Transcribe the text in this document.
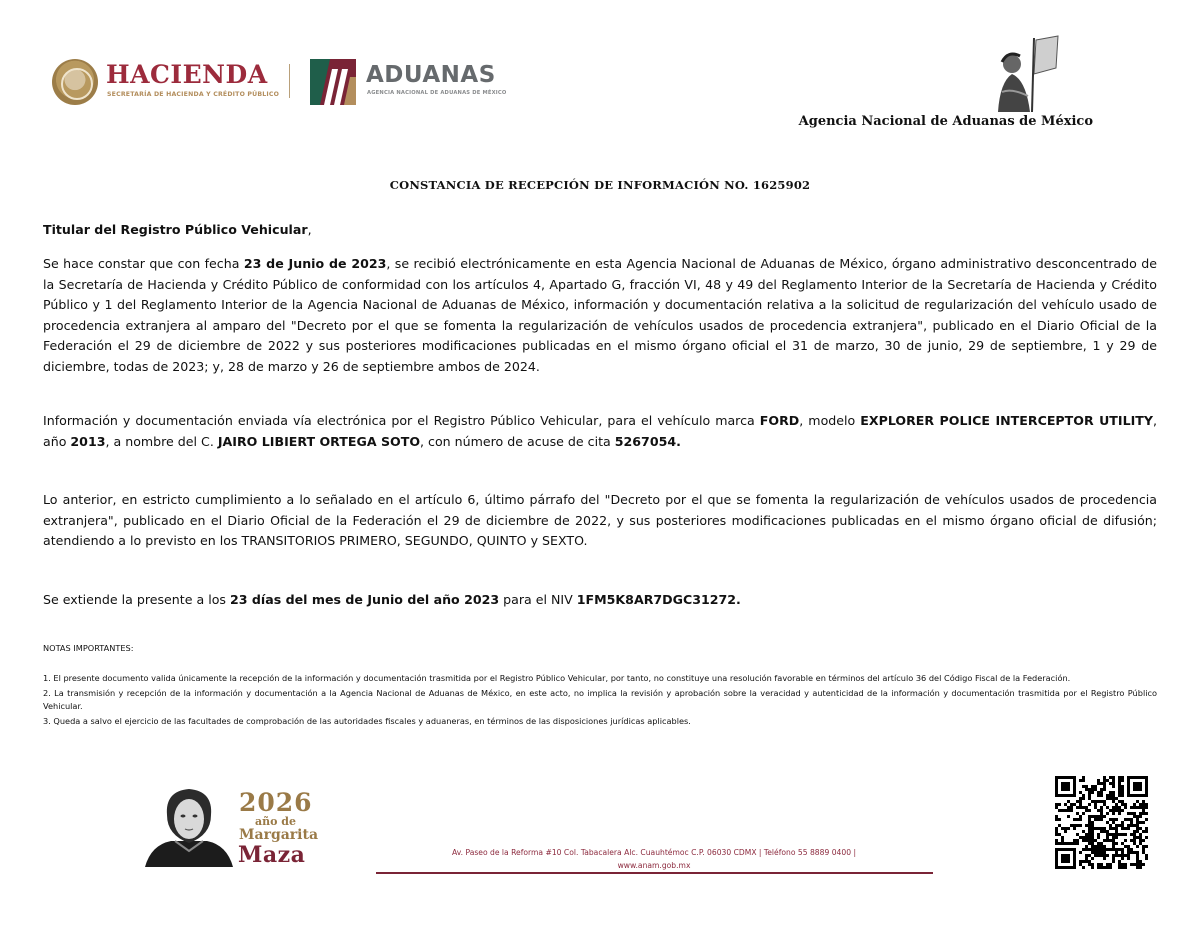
HACIENDA
SECRETARÍA DE HACIENDA Y CRÉDITO PÚBLICO
ADUANAS
AGENCIA NACIONAL DE ADUANAS DE MÉXICO
Agencia Nacional de Aduanas de México
CONSTANCIA DE RECEPCIÓN DE INFORMACIÓN NO. 1625902
Titular del Registro Público Vehicular,
Se hace constar que con fecha 23 de Junio de 2023, se recibió electrónicamente en esta Agencia Nacional de Aduanas de México, órgano administrativo desconcentrado de la Secretaría de Hacienda y Crédito Público de conformidad con los artículos 4, Apartado G, fracción VI, 48 y 49 del Reglamento Interior de la Secretaría de Hacienda y Crédito Público y 1 del Reglamento Interior de la Agencia Nacional de Aduanas de México, información y documentación relativa a la solicitud de regularización del vehículo usado de procedencia extranjera al amparo del "Decreto por el que se fomenta la regularización de vehículos usados de procedencia extranjera", publicado en el Diario Oficial de la Federación el 29 de diciembre de 2022 y sus posteriores modificaciones publicadas en el mismo órgano oficial el 31 de marzo, 30 de junio, 29 de septiembre, 1 y 29 de diciembre, todas de 2023; y, 28 de marzo y 26 de septiembre ambos de 2024.
Información y documentación enviada vía electrónica por el Registro Público Vehicular, para el vehículo marca FORD, modelo EXPLORER POLICE INTERCEPTOR UTILITY, año 2013, a nombre del C. JAIRO LIBIERT ORTEGA SOTO, con número de acuse de cita 5267054.
Lo anterior, en estricto cumplimiento a lo señalado en el artículo 6, último párrafo del "Decreto por el que se fomenta la regularización de vehículos usados de procedencia extranjera", publicado en el Diario Oficial de la Federación el 29 de diciembre de 2022, y sus posteriores modificaciones publicadas en el mismo órgano oficial de difusión; atendiendo a lo previsto en los TRANSITORIOS PRIMERO, SEGUNDO, QUINTO y SEXTO.
Se extiende la presente a los 23 días del mes de Junio del año 2023 para el NIV 1FM5K8AR7DGC31272.
NOTAS IMPORTANTES:

1. El presente documento valida únicamente la recepción de la información y documentación trasmitida por el Registro Público Vehicular, por tanto, no constituye una resolución favorable en términos del artículo 36 del Código Fiscal de la Federación.

2. La transmisión y recepción de la información y documentación a la Agencia Nacional de Aduanas de México, en este acto, no implica la revisión y aprobación sobre la veracidad y autenticidad de la información y documentación trasmitida por el Registro Público Vehicular.

3. Queda a salvo el ejercicio de las facultades de comprobación de las autoridades fiscales y aduaneras, en términos de las disposiciones jurídicas aplicables.

2026
año de
Margarita
Maza	Av. Paseo de la Reforma #10 Col. Tabacalera Alc. Cuauhtémoc C.P. 06030 CDMX | Teléfono 55 8889 0400 |
www.anam.gob.mx
